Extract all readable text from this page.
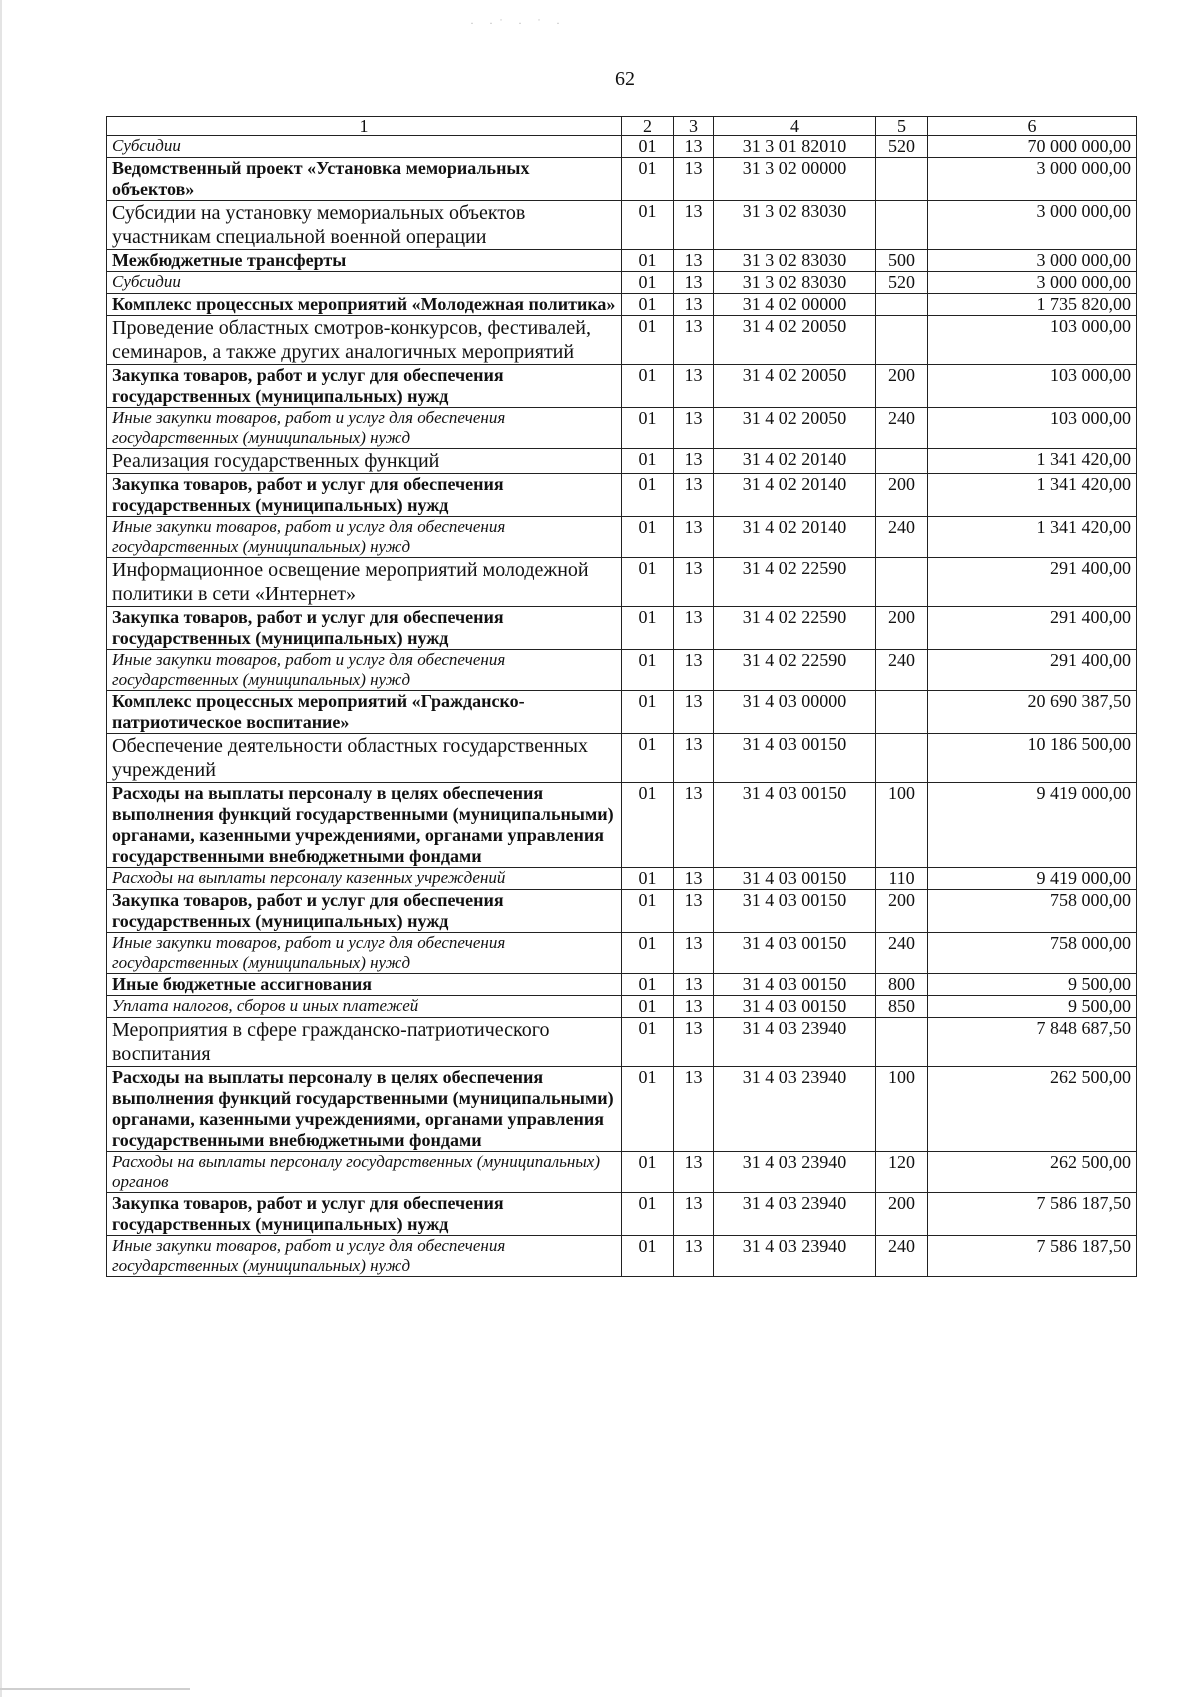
· ·˙ · ˙ ·
62
1	2	3	4	5	6
Субсидии	01	13	31 3 01 82010	520	70 000 000,00
Ведомственный проект «Установка мемориальных объектов»	01	13	31 3 02 00000		3 000 000,00
Субсидии на установку мемориальных объектов участникам специальной военной операции	01	13	31 3 02 83030		3 000 000,00
Межбюджетные трансферты	01	13	31 3 02 83030	500	3 000 000,00
Субсидии	01	13	31 3 02 83030	520	3 000 000,00
Комплекс процессных мероприятий «Молодежная политика»	01	13	31 4 02 00000		1 735 820,00
Проведение областных смотров-конкурсов, фестивалей, семинаров, а также других аналогичных мероприятий	01	13	31 4 02 20050		103 000,00
Закупка товаров, работ и услуг для обеспечения государственных (муниципальных) нужд	01	13	31 4 02 20050	200	103 000,00
Иные закупки товаров, работ и услуг для обеспечения государственных (муниципальных) нужд	01	13	31 4 02 20050	240	103 000,00
Реализация государственных функций	01	13	31 4 02 20140		1 341 420,00
Закупка товаров, работ и услуг для обеспечения государственных (муниципальных) нужд	01	13	31 4 02 20140	200	1 341 420,00
Иные закупки товаров, работ и услуг для обеспечения государственных (муниципальных) нужд	01	13	31 4 02 20140	240	1 341 420,00
Информационное освещение мероприятий молодежной политики в сети «Интернет»	01	13	31 4 02 22590		291 400,00
Закупка товаров, работ и услуг для обеспечения государственных (муниципальных) нужд	01	13	31 4 02 22590	200	291 400,00
Иные закупки товаров, работ и услуг для обеспечения государственных (муниципальных) нужд	01	13	31 4 02 22590	240	291 400,00
Комплекс процессных мероприятий «Гражданско-патриотическое воспитание»	01	13	31 4 03 00000		20 690 387,50
Обеспечение деятельности областных государственных учреждений	01	13	31 4 03 00150		10 186 500,00
Расходы на выплаты персоналу в целях обеспечения выполнения функций государственными (муниципальными) органами, казенными учреждениями, органами управления государственными внебюджетными фондами	01	13	31 4 03 00150	100	9 419 000,00
Расходы на выплаты персоналу казенных учреждений	01	13	31 4 03 00150	110	9 419 000,00
Закупка товаров, работ и услуг для обеспечения государственных (муниципальных) нужд	01	13	31 4 03 00150	200	758 000,00
Иные закупки товаров, работ и услуг для обеспечения государственных (муниципальных) нужд	01	13	31 4 03 00150	240	758 000,00
Иные бюджетные ассигнования	01	13	31 4 03 00150	800	9 500,00
Уплата налогов, сборов и иных платежей	01	13	31 4 03 00150	850	9 500,00
Мероприятия в сфере гражданско-патриотического воспитания	01	13	31 4 03 23940		7 848 687,50
Расходы на выплаты персоналу в целях обеспечения выполнения функций государственными (муниципальными) органами, казенными учреждениями, органами управления государственными внебюджетными фондами	01	13	31 4 03 23940	100	262 500,00
Расходы на выплаты персоналу государственных (муниципальных) органов	01	13	31 4 03 23940	120	262 500,00
Закупка товаров, работ и услуг для обеспечения государственных (муниципальных) нужд	01	13	31 4 03 23940	200	7 586 187,50
Иные закупки товаров, работ и услуг для обеспечения государственных (муниципальных) нужд	01	13	31 4 03 23940	240	7 586 187,50
